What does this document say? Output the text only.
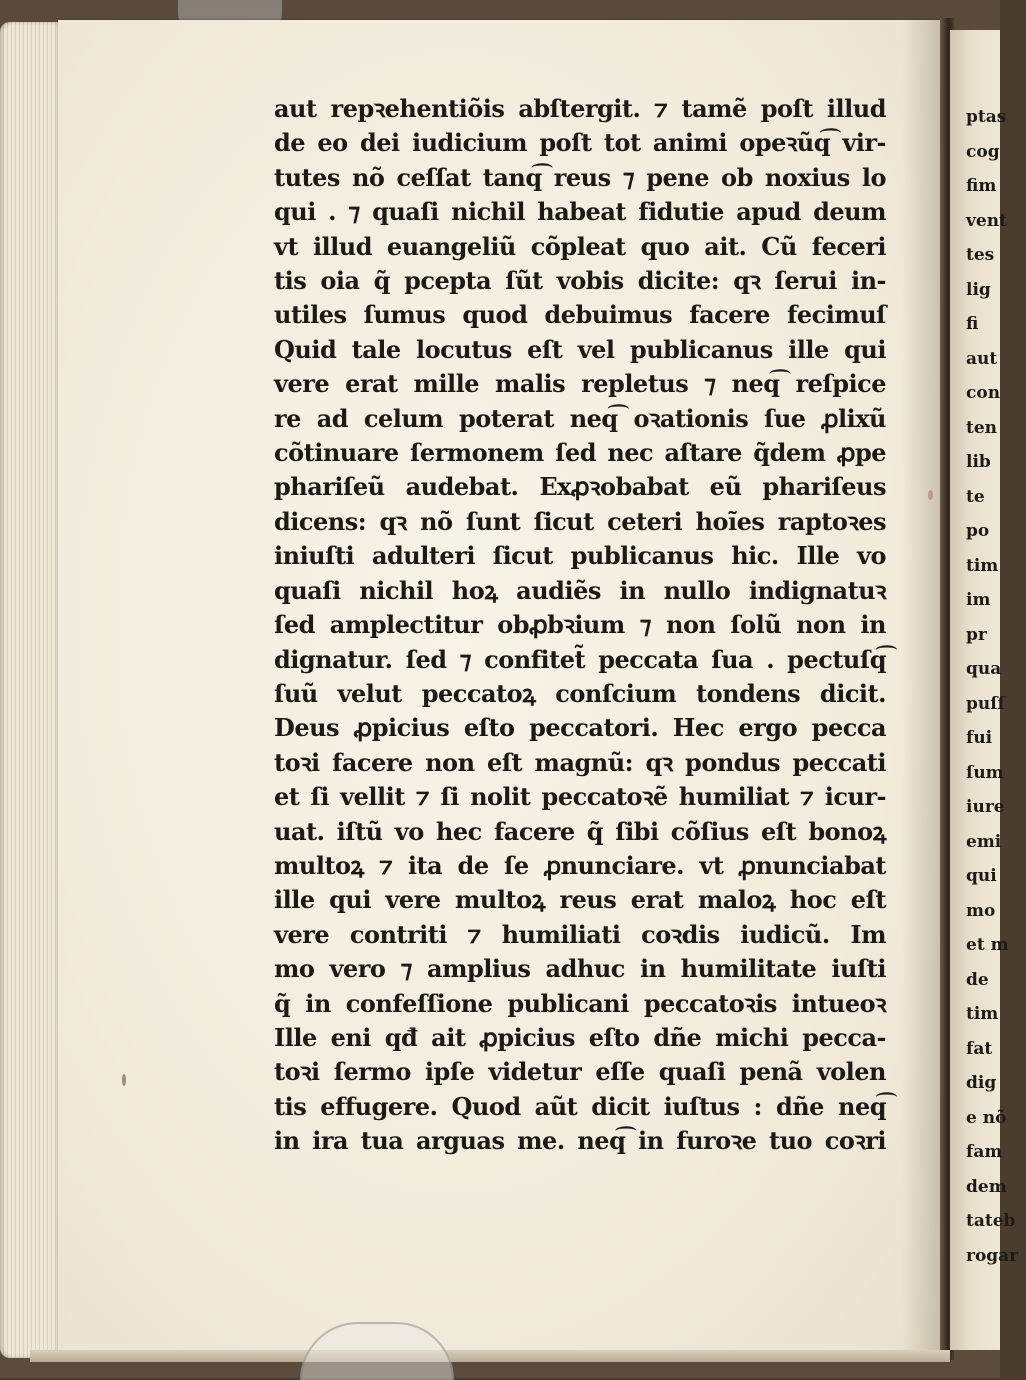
aut repꝛehentiõis abſtergit. ⁊ tamẽ poſt illud
de eo dei iudicium poſt tot animi opeꝛũq͡ vir‐
tutes nõ ceſſat tanq͡ reus ⁊ pene ob noxius lo
qui . ⁊ quaſi nichil habeat fidutie apud deum
vt illud euangeliũ cõpleat quo ait. Cũ feceri
tis oia q̃ pcepta ſũt vobis dicite: qꝛ ſerui in‐
utiles ſumus quod debuimus facere fecimuſ
Quid tale locutus eſt vel publicanus ille qui
vere erat mille malis repletus ⁊ neq͡ reſpice
re ad celum poterat neq͡ oꝛationis ſue ꝓlixũ
cõtinuare ſermonem ſed nec aſtare q̃dem ꝓpe
phariſeũ audebat. Exꝓꝛobabat eũ phariſeus
dicens: qꝛ nõ ſunt ſicut ceteri hoĩes raptoꝛes
iniuſti adulteri ſicut publicanus hic. Ille vo
quaſi nichil hoꝝ audiẽs in nullo indignatuꝛ
ſed amplectitur obꝓbꝛium ⁊ non ſolũ non in
dignatur. ſed ⁊ confitet̃ peccata ſua . pectuſq͡
ſuũ velut peccatoꝝ conſcium tondens dicit.
Deus ꝓpicius eſto peccatori. Hec ergo pecca
toꝛi facere non eſt magnũ: qꝛ pondus peccati
et ſi vellit ⁊ ſi nolit peccatoꝛẽ humiliat ⁊ icur‐
uat. iſtũ vo hec facere q̃ ſibi cõſius eſt bonoꝝ
multoꝝ ⁊ ita de ſe ꝓnunciare. vt ꝓnunciabat
ille qui vere multoꝝ reus erat maloꝝ hoc eſt
vere contriti ⁊ humiliati coꝛdis iudicũ. Im
mo vero ⁊ amplius adhuc in humilitate iuſti
q̃ in confeſſione publicani peccatoꝛis intueoꝛ
Ille eni qđ ait ꝓpicius eſto dñe michi pecca‐
toꝛi ſermo ipſe videtur eſſe quaſi penã volen
tis effugere. Quod aũt dicit iuſtus : dñe neq͡
in ira tua arguas me. neq͡ in furoꝛe tuo coꝛri
ptas
cog
fim
vent
tes
lig
fi
aut
con
ten
lib
te
po
tim
im
pr
qua
puſſ
fui
ſum
iure
emi
qui
mo
et m
de
tim
fat
dig
e nõ
fam
dem
tateb
rogar
